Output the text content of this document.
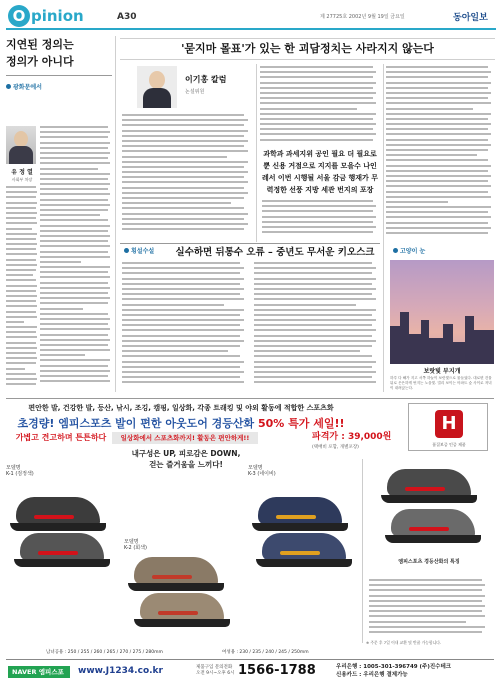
O pinion	A30	제 27725호 2002년 9월 19일 금요일	동아일보
지연된 정의는
정의가 아니다
광화문에서
유 정 열
사회부 차장
'묻지마 몰표'가 있는 한 괴담정치는 사라지지 않는다
이기홍 칼럼
논설위원
과학과 과세지위 공인 필요 더 필요로 뿐 신용 거점으로 지지를 모을수 나인 레서 이번 시행될 서울 감금 행재가 무력정한 선풍 지방 세관 번지의 포장
횡설수설	실수하면 뒤통수 오류 – 중년도 무서운 키오스크	고양이 눈
보랏빛 부지개
하루 다 해가 지고 서쪽 하늘이 보랏빛으로 물들었다. 대로변 건물 뒤로 은은하게 번지는 노을빛. 멀리 보이는 아파트 숲 사이로 저녁이 내려앉는다.
편안한 발, 건강한 발, 등산, 낚시, 조깅, 캠핑, 일상화, 각종 트래킹 및 야외 활동에 적합한 스포츠화
초경량! 엠피스포츠 발이 편한 아웃도어 경등산화 50% 특가 세일!!
가볍고 견고하며 튼튼하다	일상화에서 스포츠화까지! 활동은 편안하게!!
내구성은 UP, 피로감은 DOWN,
걷는 즐거움을 느끼다!
파격가 : 39,000원
(택배비 포함, 개별포장)
H
품질보증 인증 제품
모델명
K-1 (검정색)
모델명
K-2 (회색)
모델명
K-3 (네이비)
남녀공용 : 250 / 255 / 260 / 265 / 270 / 275 / 280mm	여성용 : 230 / 235 / 240 / 245 / 250mm
엠피스포츠 경등산화의 특징
NAVER 엠피스포츠
www.J1234.co.kr	제품구입 문의전화
오전 9시~오후 6시 1566-1788	우리은행 : 1005-301-396749 (주)진수테크
신용카드 : 우리은행 결제가능
※ 주문 후 7일 이내 교환 및 반품 가능합니다.
